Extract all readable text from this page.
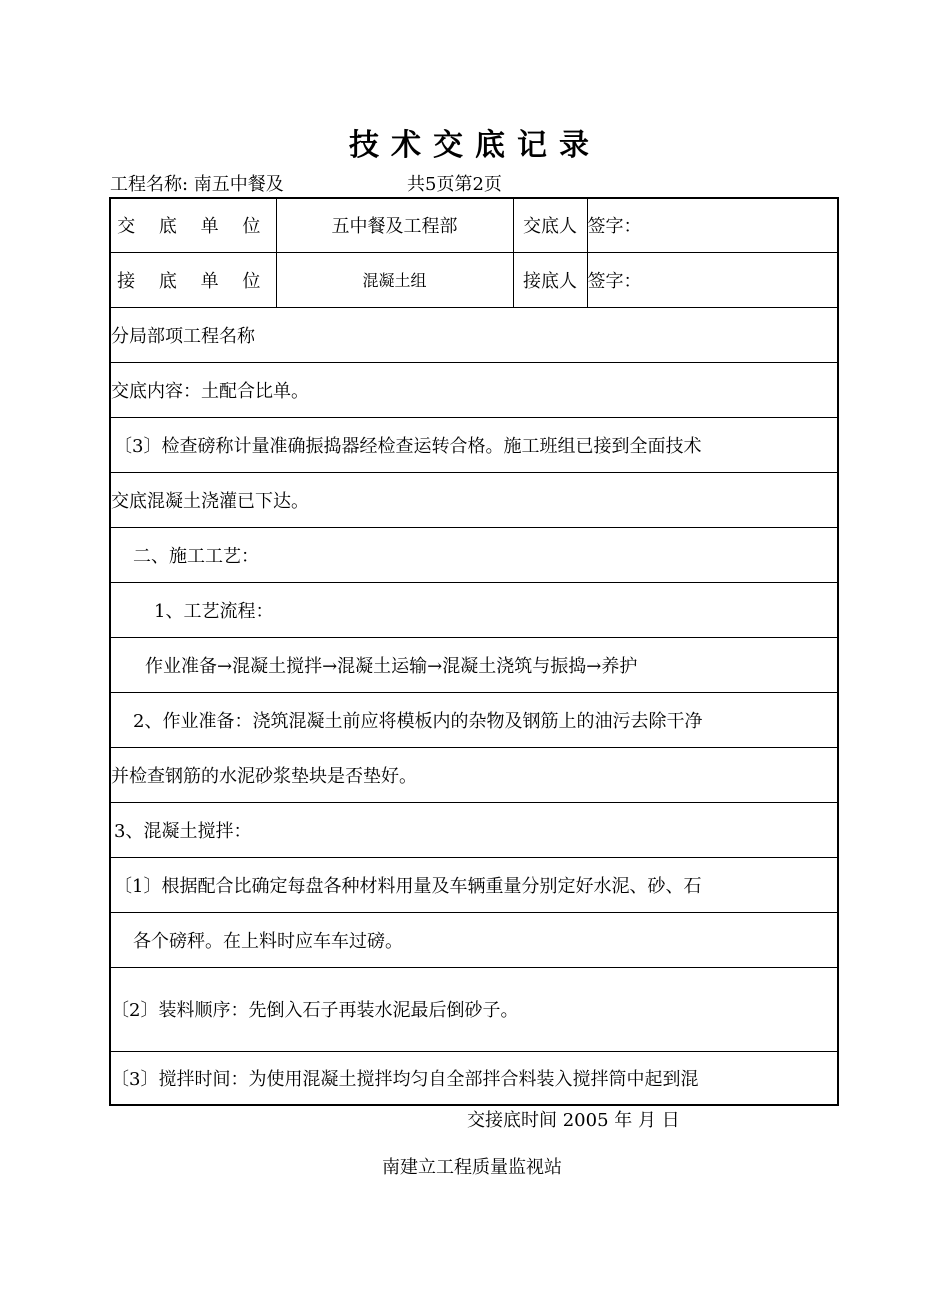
技术交底记录
工程名称: 南五中餐及	共5页第2页
交 底 单 位	五中餐及工程部	交底人	签字：
接 底 单 位	混凝土组	接底人	签字：
分局部项工程名称			
交底内容：土配合比单。			
〔3〕检查磅称计量准确振捣器经检查运转合格。施工班组已接到全面技术			
交底混凝土浇灌已下达。			
二、施工工艺：			
1、工艺流程：			
作业准备→混凝土搅拌→混凝土运输→混凝土浇筑与振捣→养护			
2、作业准备：浇筑混凝土前应将模板内的杂物及钢筋上的油污去除干净			
并检查钢筋的水泥砂浆垫块是否垫好。			
3、混凝土搅拌：			
〔1〕根据配合比确定每盘各种材料用量及车辆重量分别定好水泥、砂、石			
各个磅秤。在上料时应车车过磅。			
〔2〕装料顺序：先倒入石子再装水泥最后倒砂子。			
〔3〕搅拌时间：为使用混凝土搅拌均匀自全部拌合料装入搅拌筒中起到混			
交接底时间 2005 年 月 日
南建立工程质量监视站
